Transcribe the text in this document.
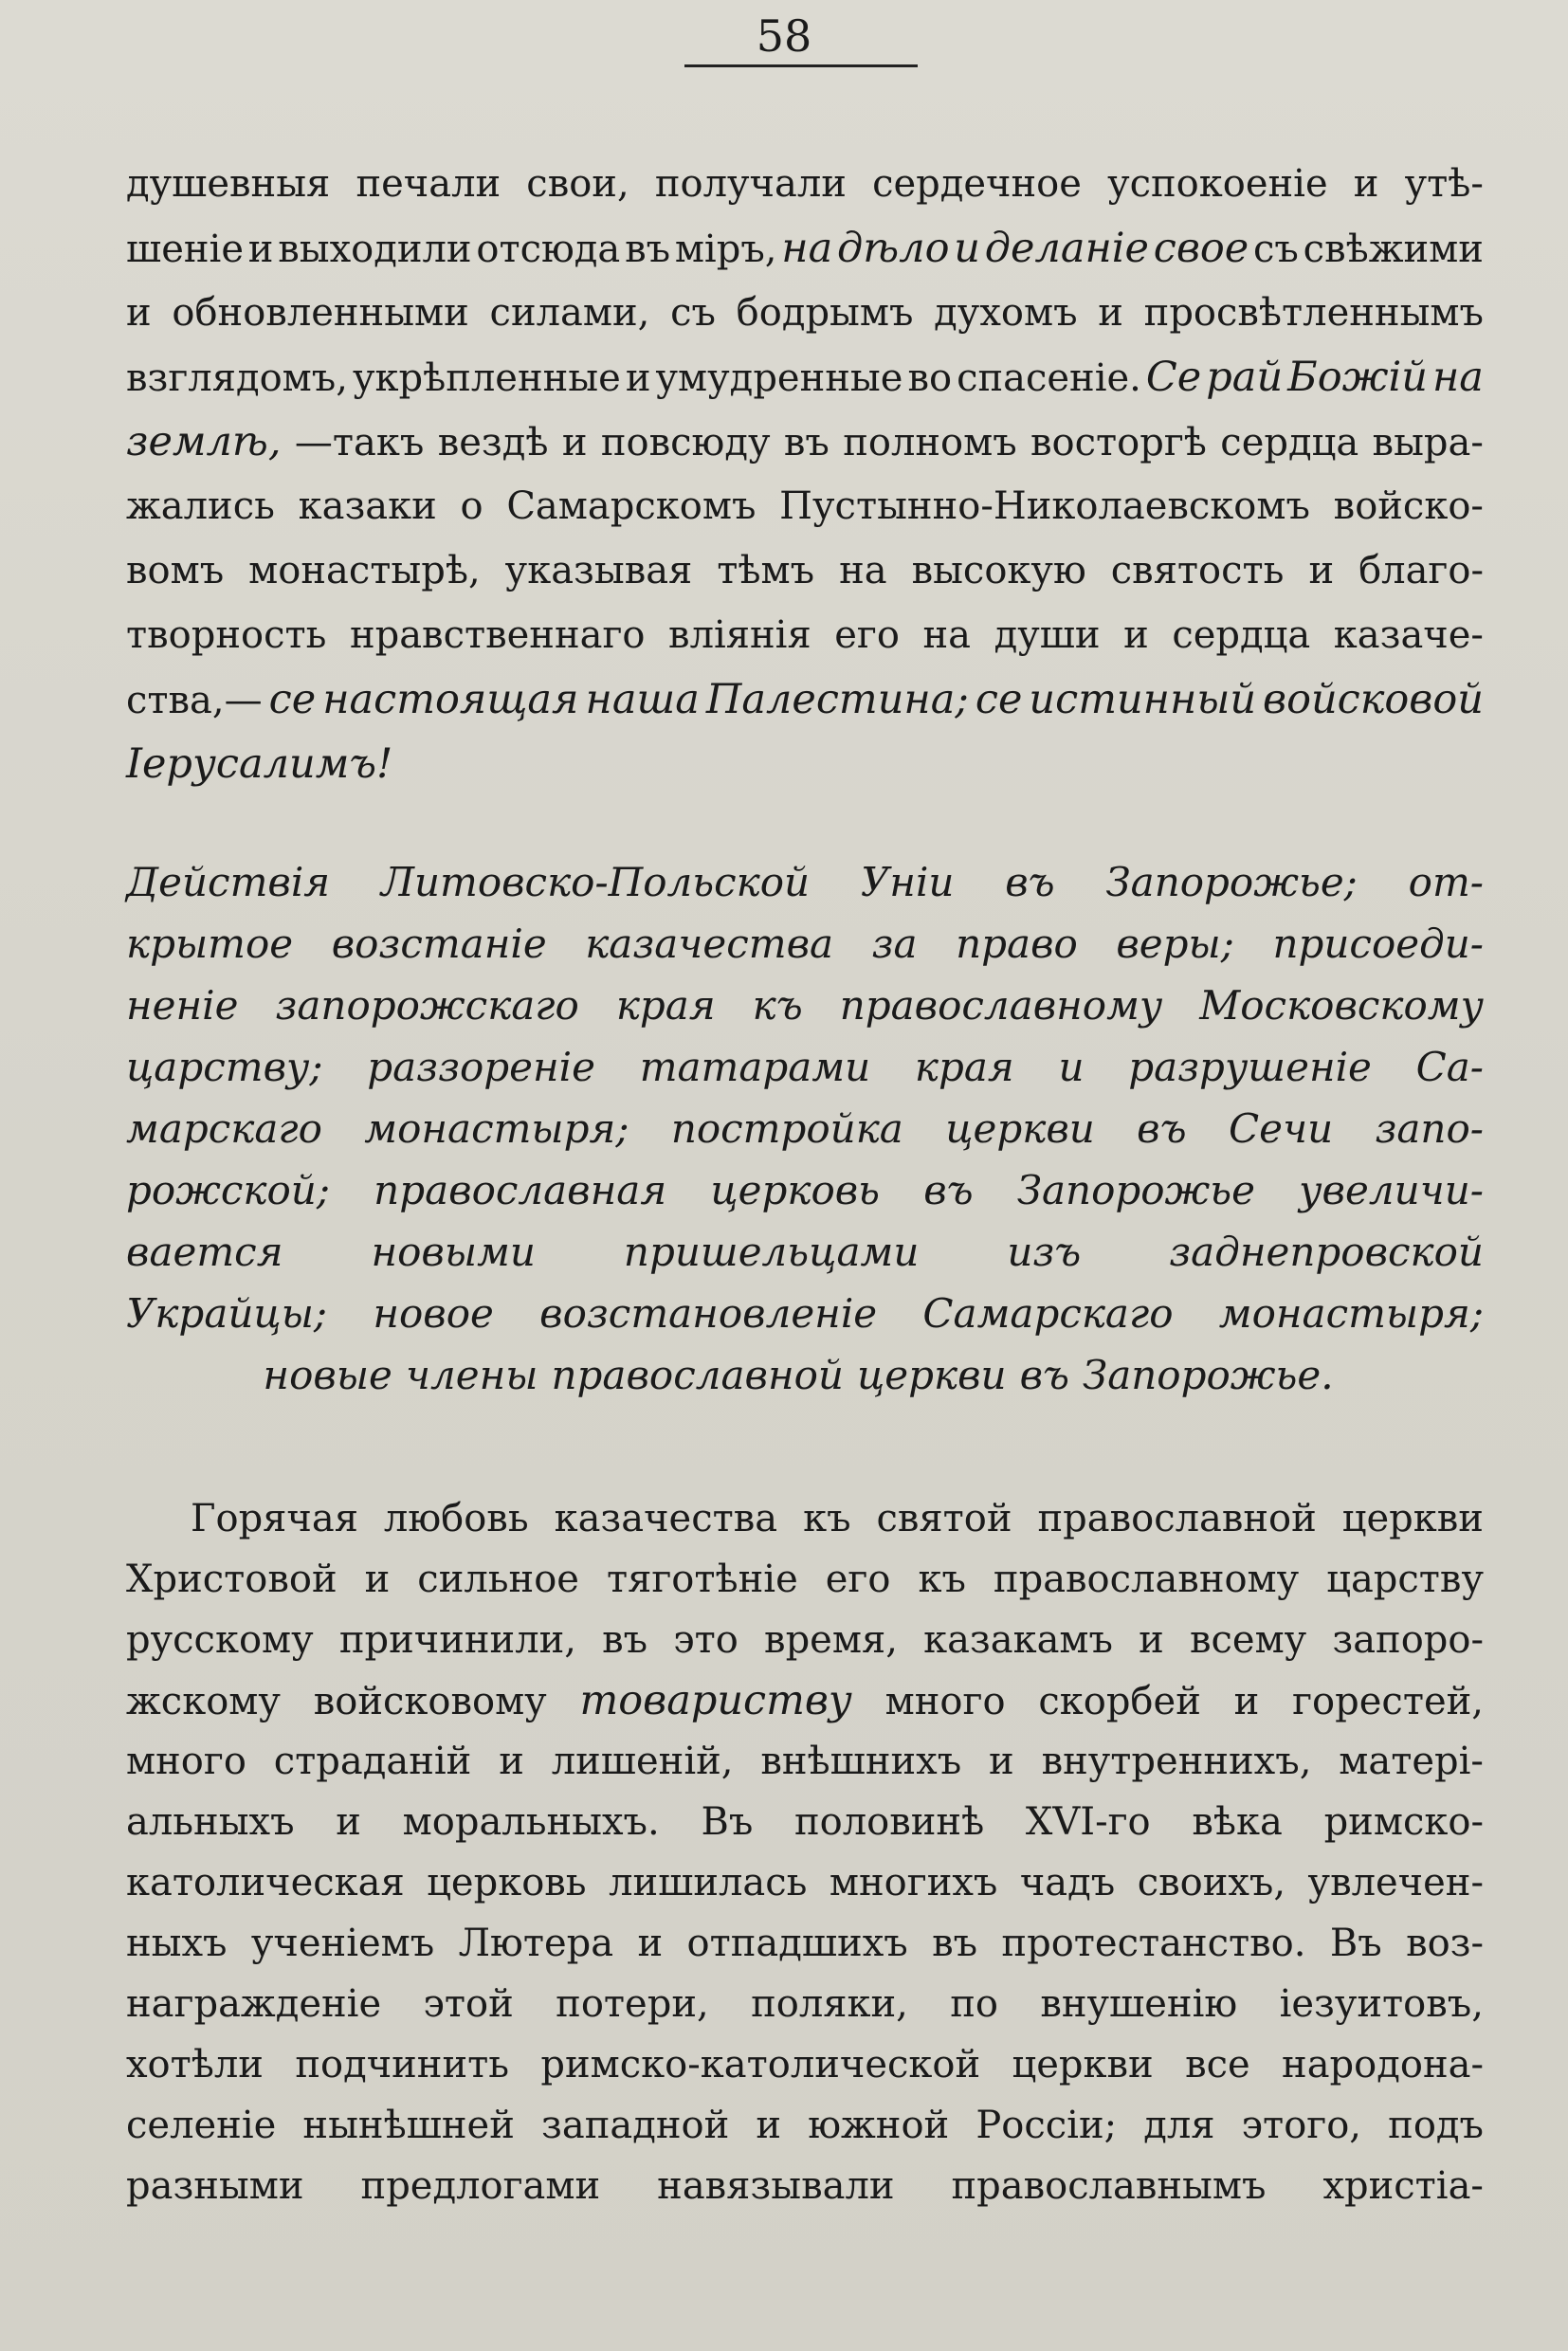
58
душевныя печали свои, получали сердечное успокоеніе и утѣ-
шеніе и выходили отсюда въ міръ, на дѣло и деланіе свое съ свѣжими
и обновленными силами, съ бодрымъ духомъ и просвѣтленнымъ
взглядомъ, укрѣпленные и умудренные во спасеніе. Се рай Божій на
землѣ, —такъ вездѣ и повсюду въ полномъ восторгѣ сердца выра-
жались казаки о Самарскомъ Пустынно-Николаевскомъ войско-
вомъ монастырѣ, указывая тѣмъ на высокую святость и благо-
творность нравственнаго вліянія его на души и сердца казаче-
ства,— се настоящая наша Палестина; се истинный войсковой
Іерусалимъ!
Действія Литовско-Польской Уніи въ Запорожье; от-
крытое возстаніе казачества за право веры; присоеди-
неніе запорожскаго края къ православному Московскому
царству; раззореніе татарами края и разрушеніе Са-
марскаго монастыря; постройка церкви въ Сечи запо-
рожской; православная церковь въ Запорожье увеличи-
вается новыми пришельцами изъ заднепровской
Украйцы; новое возстановленіе Самарскаго монастыря;
новые члены православной церкви въ Запорожье.
Горячая любовь казачества къ святой православной церкви
Христовой и сильное тяготѣніе его къ православному царству
русскому причинили, въ это время, казакамъ и всему запоро-
жскому войсковому товариству много скорбей и горестей,
много страданій и лишеній, внѣшнихъ и внутреннихъ, матері-
альныхъ и моральныхъ. Въ половинѣ XVI-го вѣка римско-
католическая церковь лишилась многихъ чадъ своихъ, увлечен-
ныхъ ученіемъ Лютера и отпадшихъ въ протестанство. Въ воз-
награжденіе этой потери, поляки, по внушенію іезуитовъ,
хотѣли подчинить римско-католической церкви все народона-
селеніе нынѣшней западной и южной Россіи; для этого, подъ
разными предлогами навязывали православнымъ христіа-
